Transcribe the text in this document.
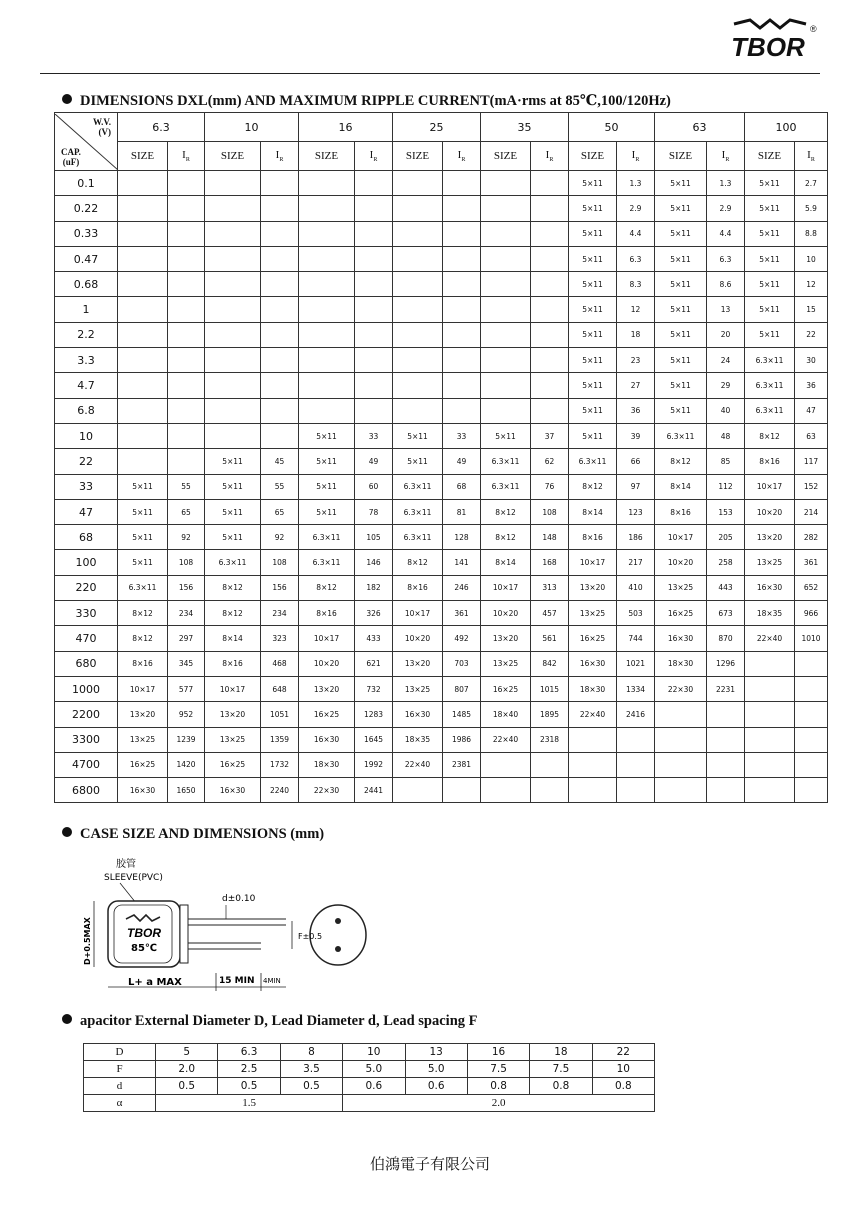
TBOR
®
DIMENSIONS DXL(mm) AND MAXIMUM RIPPLE CURRENT(mA·rms at 85℃,100/120Hz)
W.V.
(V)
CAP.
(uF)	6.3		10		16		25		35		50		63		100	
	SIZE	$I_R$	SIZE	$I_R$	SIZE	$I_R$	SIZE	$I_R$	SIZE	$I_R$	SIZE	$I_R$	SIZE	$I_R$	SIZE	$I_R$
0.1											5×11	1.3	5×11	1.3	5×11	2.7
0.22											5×11	2.9	5×11	2.9	5×11	5.9
0.33											5×11	4.4	5×11	4.4	5×11	8.8
0.47											5×11	6.3	5×11	6.3	5×11	10
0.68											5×11	8.3	5×11	8.6	5×11	12
1											5×11	12	5×11	13	5×11	15
2.2											5×11	18	5×11	20	5×11	22
3.3											5×11	23	5×11	24	6.3×11	30
4.7											5×11	27	5×11	29	6.3×11	36
6.8											5×11	36	5×11	40	6.3×11	47
10					5×11	33	5×11	33	5×11	37	5×11	39	6.3×11	48	8×12	63
22			5×11	45	5×11	49	5×11	49	6.3×11	62	6.3×11	66	8×12	85	8×16	117
33	5×11	55	5×11	55	5×11	60	6.3×11	68	6.3×11	76	8×12	97	8×14	112	10×17	152
47	5×11	65	5×11	65	5×11	78	6.3×11	81	8×12	108	8×14	123	8×16	153	10×20	214
68	5×11	92	5×11	92	6.3×11	105	6.3×11	128	8×12	148	8×16	186	10×17	205	13×20	282
100	5×11	108	6.3×11	108	6.3×11	146	8×12	141	8×14	168	10×17	217	10×20	258	13×25	361
220	6.3×11	156	8×12	156	8×12	182	8×16	246	10×17	313	13×20	410	13×25	443	16×30	652
330	8×12	234	8×12	234	8×16	326	10×17	361	10×20	457	13×25	503	16×25	673	18×35	966
470	8×12	297	8×14	323	10×17	433	10×20	492	13×20	561	16×25	744	16×30	870	22×40	1010
680	8×16	345	8×16	468	10×20	621	13×20	703	13×25	842	16×30	1021	18×30	1296		
1000	10×17	577	10×17	648	13×20	732	13×25	807	16×25	1015	18×30	1334	22×30	2231		
2200	13×20	952	13×20	1051	16×25	1283	16×30	1485	18×40	1895	22×40	2416				
3300	13×25	1239	13×25	1359	16×30	1645	18×35	1986	22×40	2318						
4700	16×25	1420	16×25	1732	18×30	1992	22×40	2381								
6800	16×30	1650	16×30	2240	22×30	2441										
CASE SIZE AND DIMENSIONS (mm)
胶管
SLEEVE(PVC)
TBOR
85℃
d±0.10
D+0.5MAX
L+ a MAX	15 MIN 4MIN
F±0.5
apacitor External Diameter D, Lead Diameter d, Lead spacing F
D	5	6.3	8	10	13	16	18	22
F	2.0	2.5	3.5	5.0	5.0	7.5	7.5	10
d	0.5	0.5	0.5	0.6	0.6	0.8	0.8	0.8
α	1.5			2.0				
伯鴻電子有限公司
